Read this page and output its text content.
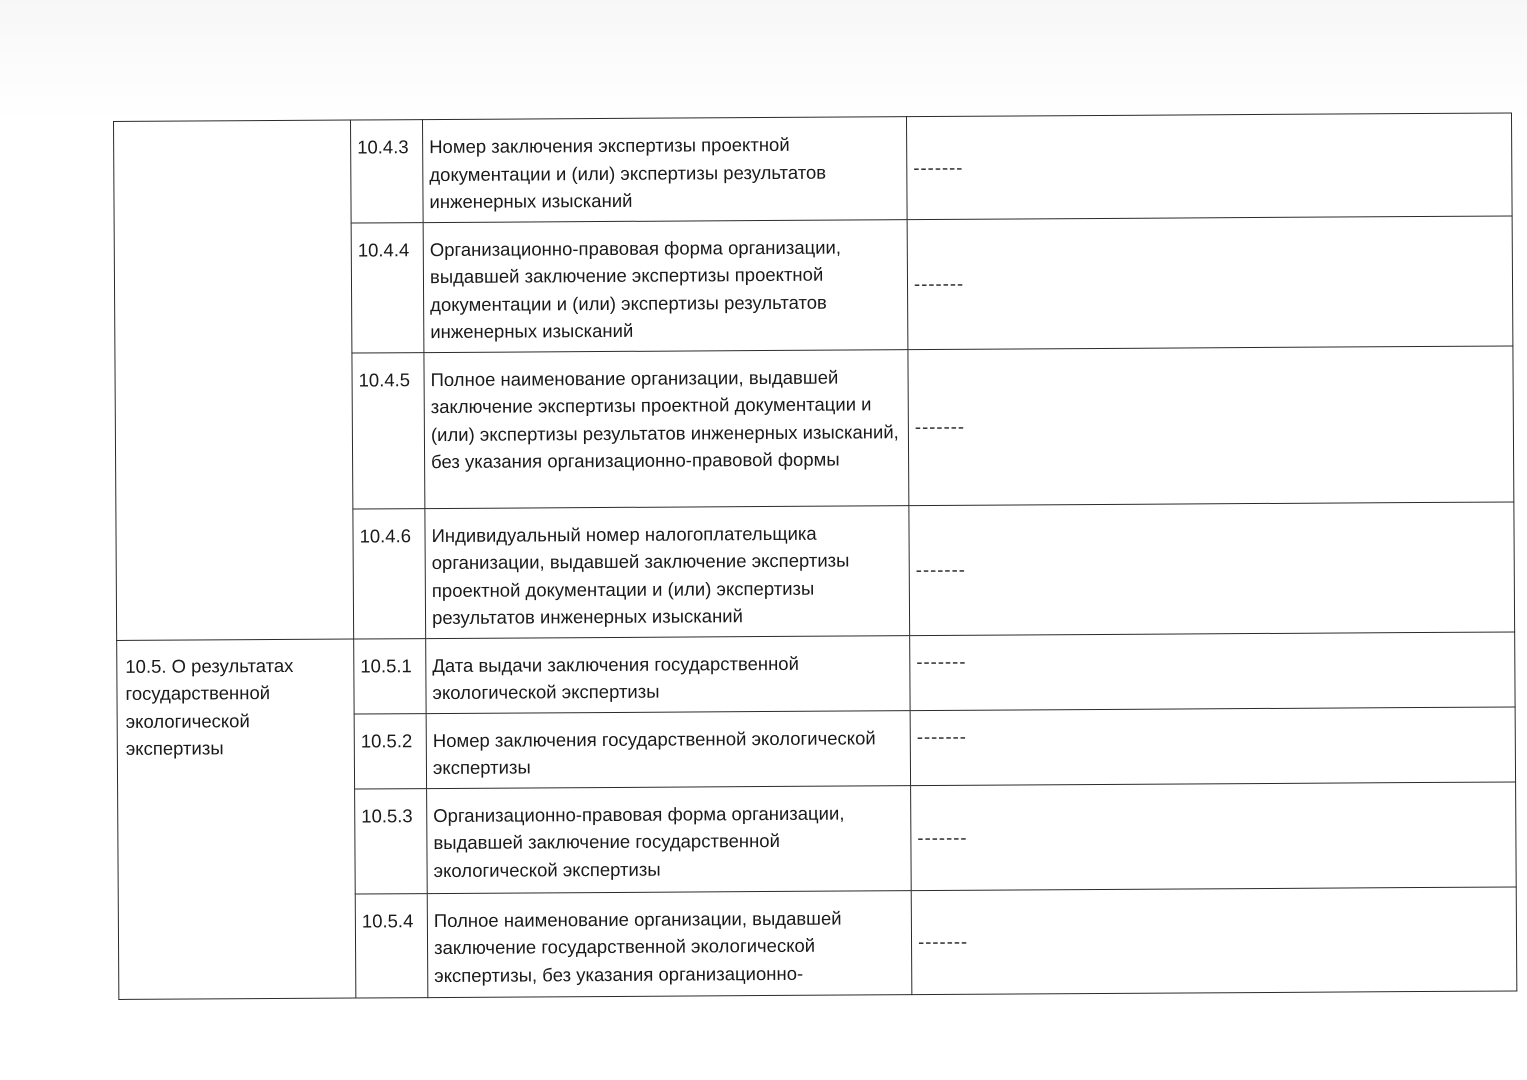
	10.4.3	Номер заключения экспертизы проектной документации и (или) экспертизы результатов инженерных изысканий	-------

	10.4.4	Организационно-правовая форма организации, выдавшей заключение экспертизы проектной документации и (или) экспертизы результатов инженерных изысканий	-------

	10.4.5	Полное наименование организации, выдавшей заключение экспертизы проектной документации и (или) экспертизы результатов инженерных изысканий, без указания организационно-правовой формы	-------

	10.4.6	Индивидуальный номер налогоплательщика организации, выдавшей заключение экспертизы проектной документации и (или) экспертизы результатов инженерных изысканий	-------

10.5. О результатах государственной экологической экспертизы	10.5.1	Дата выдачи заключения государственной экологической экспертизы	-------

	10.5.2	Номер заключения государственной экологической экспертизы	-------

	10.5.3	Организационно-правовая форма организации, выдавшей заключение государственной экологической экспертизы	-------

	10.5.4	Полное наименование организации, выдавшей заключение государственной экологической экспертизы, без указания организационно-	-------
